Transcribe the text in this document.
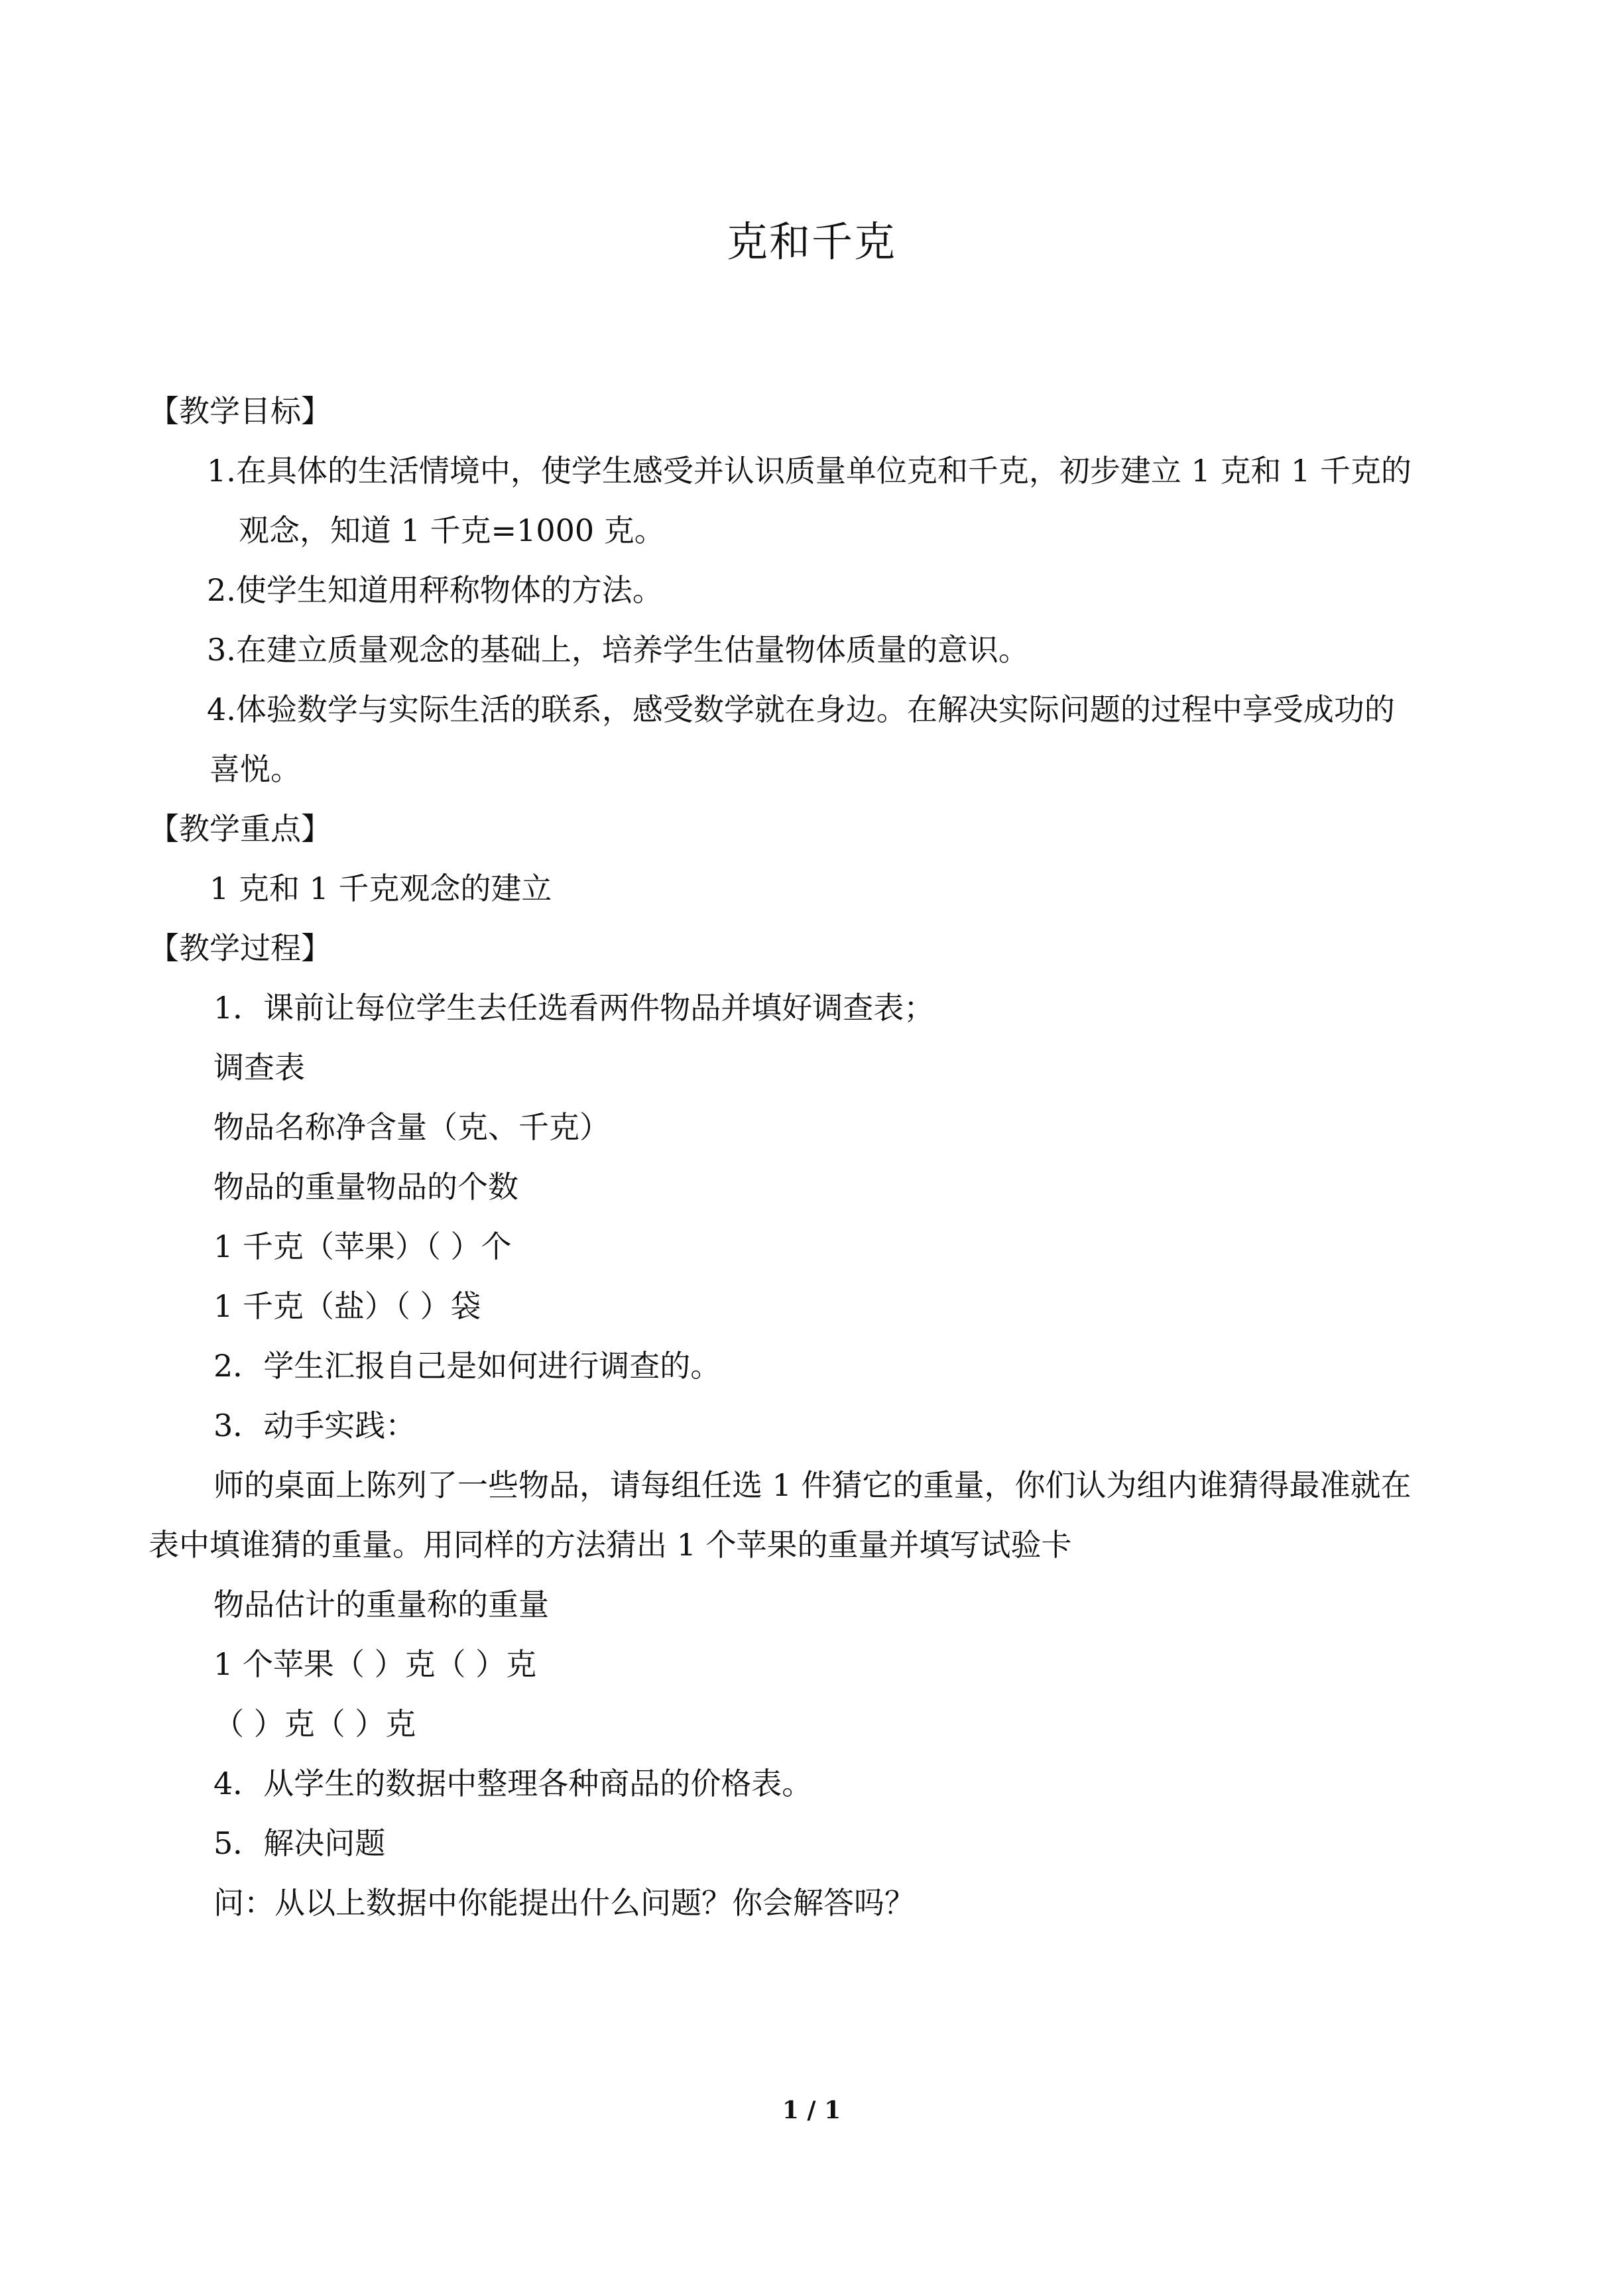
克和千克
【教学目标】
1.在具体的生活情境中，使学生感受并认识质量单位克和千克，初步建立 1 克和 1 千克的
观念，知道 1 千克=1000 克。
2.使学生知道用秤称物体的方法。
3.在建立质量观念的基础上，培养学生估量物体质量的意识。
4.体验数学与实际生活的联系，感受数学就在身边。在解决实际问题的过程中享受成功的
喜悦。
【教学重点】
1 克和 1 千克观念的建立
【教学过程】
1．课前让每位学生去任选看两件物品并填好调查表；
调查表
物品名称净含量（克、千克）
物品的重量物品的个数
1 千克（苹果）（ ）个
1 千克（盐）（ ）袋
2．学生汇报自己是如何进行调查的。
3．动手实践：
师的桌面上陈列了一些物品，请每组任选 1 件猜它的重量，你们认为组内谁猜得最准就在
表中填谁猜的重量。用同样的方法猜出 1 个苹果的重量并填写试验卡
物品估计的重量称的重量
1 个苹果（ ）克（ ）克
（ ）克（ ）克
4．从学生的数据中整理各种商品的价格表。
5．解决问题
问：从以上数据中你能提出什么问题？你会解答吗？
1 / 1
